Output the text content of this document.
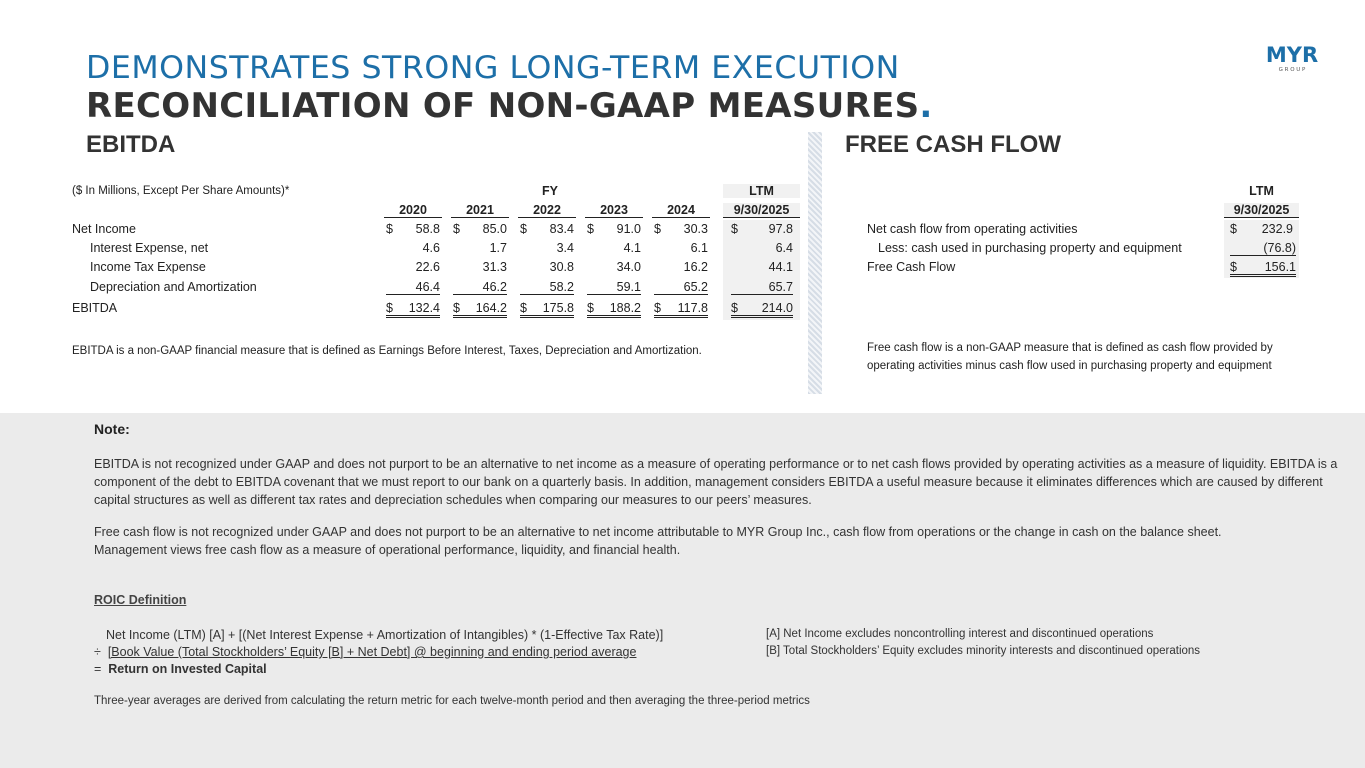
DEMONSTRATES STRONG LONG-TERM EXECUTION
RECONCILIATION OF NON-GAAP MEASURES.
MYR
G R O U P
EBITDA	FREE CASH FLOW
($ In Millions, Except Per Share Amounts)*	FY	LTM
2020	2021	2022	2023	2024	9/30/2025
Net Income	$	58.8 $	85.0 $	83.4 $	91.0 $	30.3 $	97.8
Interest Expense, net	4.6	1.7	3.4	4.1	6.1	6.4
Income Tax Expense	22.6	31.3	30.8	34.0	16.2	44.1
Depreciation and Amortization	46.4	46.2	58.2	59.1	65.2	65.7
EBITDA	$ 132.4 $ 164.2 $ 175.8 $ 188.2 $ 117.8 $ 214.0
EBITDA is a non-GAAP financial measure that is defined as Earnings Before Interest, Taxes, Depreciation and Amortization.
LTM
9/30/2025
Net cash flow from operating activities	$	232.9
Less: cash used in purchasing property and equipment	(76.8)
Free Cash Flow	$ 156.1
Free cash flow is a non-GAAP measure that is defined as cash flow provided by operating activities minus cash flow used in purchasing property and equipment
Note:
EBITDA is not recognized under GAAP and does not purport to be an alternative to net income as a measure of operating performance or to net cash flows provided by operating activities as a measure of liquidity. EBITDA is a component of the debt to EBITDA covenant that we must report to our bank on a quarterly basis. In addition, management considers EBITDA a useful measure because it eliminates differences which are caused by different capital structures as well as different tax rates and depreciation schedules when comparing our measures to our peers’ measures.
Free cash flow is not recognized under GAAP and does not purport to be an alternative to net income attributable to MYR Group Inc., cash flow from operations or the change in cash on the balance sheet. Management views free cash flow as a measure of operational performance, liquidity, and financial health.
ROIC Definition
Net Income (LTM) [A] + [(Net Interest Expense + Amortization of Intangibles) * (1-Effective Tax Rate)]
÷ [Book Value (Total Stockholders’ Equity [B] + Net Debt] @ beginning and ending period average
= Return on Invested Capital
[A] Net Income excludes noncontrolling interest and discontinued operations
[B] Total Stockholders’ Equity excludes minority interests and discontinued operations
Three-year averages are derived from calculating the return metric for each twelve-month period and then averaging the three-period metrics
